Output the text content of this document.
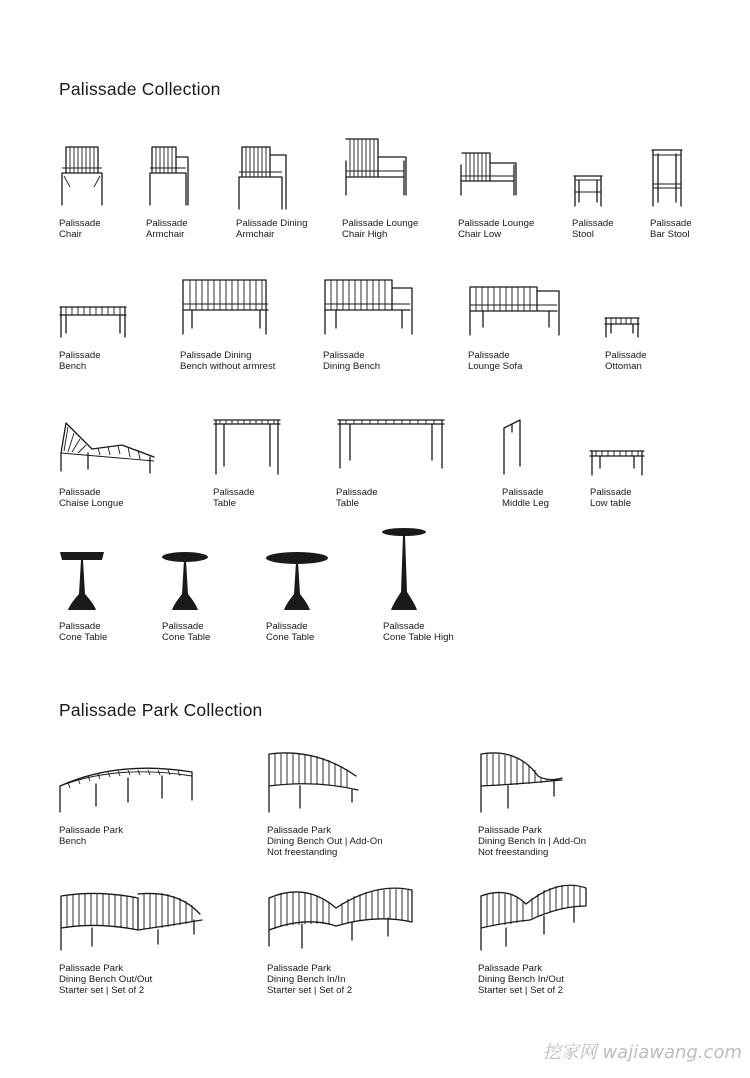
Palissade Collection
Palissade Park Collection
Palissade
Chair
Palissade
Armchair
Palissade Dining
Armchair
Palissade Lounge
Chair High
Palissade Lounge
Chair Low
Palissade
Stool
Palissade
Bar Stool
Palissade
Bench
Palissade Dining
Bench without armrest
Palissade
Dining Bench
Palissade
Lounge Sofa
Palissade
Ottoman
Palissade
Chaise Longue
Palissade
Table
Palissade
Table
Palissade
Middle Leg
Palissade
Low table
Palissade
Cone Table
Palissade
Cone Table
Palissade
Cone Table
Palissade
Cone Table High
Palissade Park
Bench
Palissade Park
Dining Bench Out | Add-On
Not freestanding
Palissade Park
Dining Bench In | Add-On
Not freestanding
Palissade Park
Dining Bench Out/Out
Starter set | Set of 2
Palissade Park
Dining Bench In/In
Starter set | Set of 2
Palissade Park
Dining Bench In/Out
Starter set | Set of 2
挖家网 wajiawang.com
